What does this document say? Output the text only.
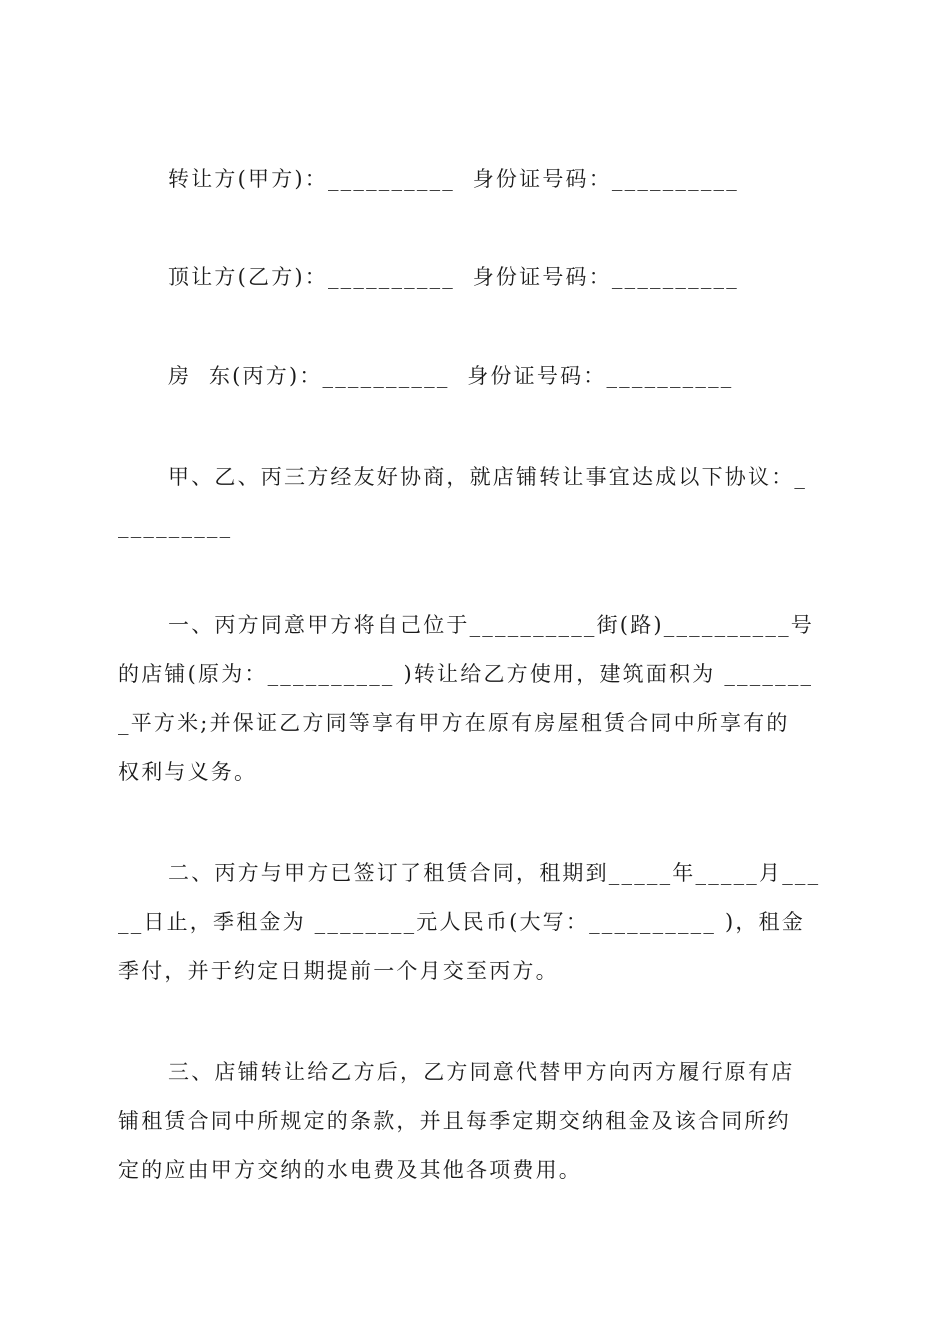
转让方(甲方)：__________  身份证号码：__________
顶让方(乙方)：__________  身份证号码：__________
房  东(丙方)：__________  身份证号码：__________
甲、乙、丙三方经友好协商，就店铺转让事宜达成以下协议：_
_________
一、丙方同意甲方将自己位于__________街(路)__________号
的店铺(原为：__________ )转让给乙方使用，建筑面积为 _______
_平方米;并保证乙方同等享有甲方在原有房屋租赁合同中所享有的
权利与义务。
二、丙方与甲方已签订了租赁合同，租期到_____年_____月___
__日止，季租金为 ________元人民币(大写：__________ )，租金
季付，并于约定日期提前一个月交至丙方。
三、店铺转让给乙方后，乙方同意代替甲方向丙方履行原有店
铺租赁合同中所规定的条款，并且每季定期交纳租金及该合同所约
定的应由甲方交纳的水电费及其他各项费用。
